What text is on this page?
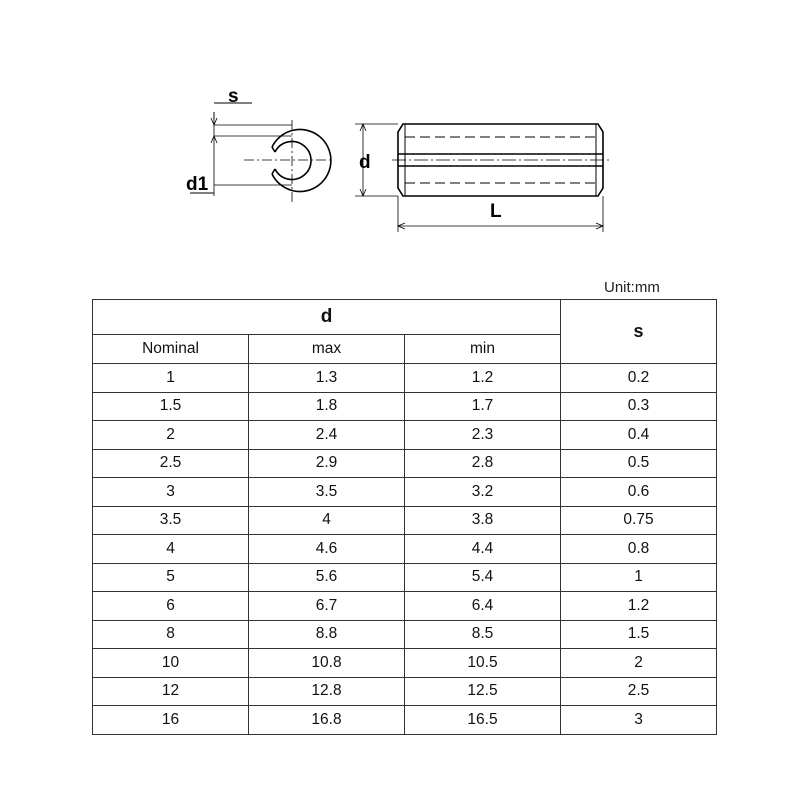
s
d1
d
L
Unit:mm
d			s
Nominal	max	min	
1	1.3	1.2	0.2
1.5	1.8	1.7	0.3
2	2.4	2.3	0.4
2.5	2.9	2.8	0.5
3	3.5	3.2	0.6
3.5	4	3.8	0.75
4	4.6	4.4	0.8
5	5.6	5.4	1
6	6.7	6.4	1.2
8	8.8	8.5	1.5
10	10.8	10.5	2
12	12.8	12.5	2.5
16	16.8	16.5	3
